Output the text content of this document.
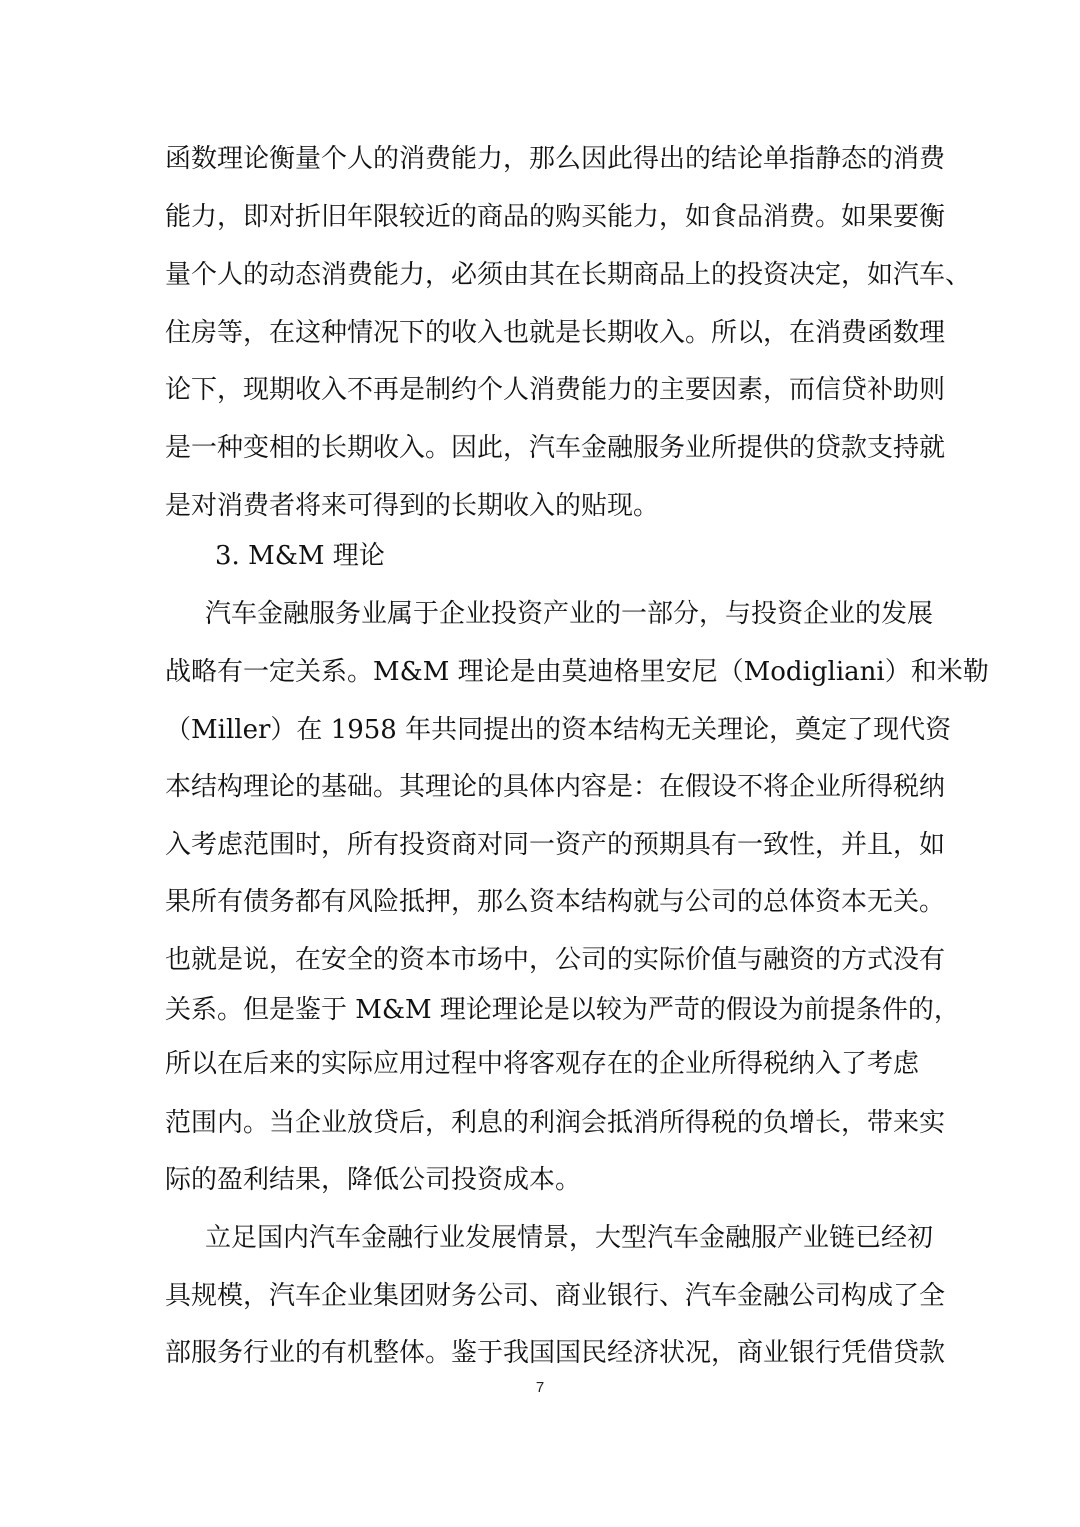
函数理论衡量个人的消费能力，那么因此得出的结论单指静态的消费
能力，即对折旧年限较近的商品的购买能力，如食品消费。如果要衡
量个人的动态消费能力，必须由其在长期商品上的投资决定，如汽车、
住房等，在这种情况下的收入也就是长期收入。所以，在消费函数理
论下，现期收入不再是制约个人消费能力的主要因素，而信贷补助则
是一种变相的长期收入。因此，汽车金融服务业所提供的贷款支持就
是对消费者将来可得到的长期收入的贴现。
3. M&M 理论
汽车金融服务业属于企业投资产业的一部分，与投资企业的发展
战略有一定关系。M&M 理论是由莫迪格里安尼（Modigliani）和米勒
（Miller）在 1958 年共同提出的资本结构无关理论，奠定了现代资
本结构理论的基础。其理论的具体内容是：在假设不将企业所得税纳
入考虑范围时，所有投资商对同一资产的预期具有一致性，并且，如
果所有债务都有风险抵押，那么资本结构就与公司的总体资本无关。
也就是说，在安全的资本市场中，公司的实际价值与融资的方式没有
关系。但是鉴于 M&M 理论理论是以较为严苛的假设为前提条件的，
所以在后来的实际应用过程中将客观存在的企业所得税纳入了考虑
范围内。当企业放贷后，利息的利润会抵消所得税的负增长，带来实
际的盈利结果，降低公司投资成本。
立足国内汽车金融行业发展情景，大型汽车金融服产业链已经初
具规模，汽车企业集团财务公司、商业银行、汽车金融公司构成了全
部服务行业的有机整体。鉴于我国国民经济状况，商业银行凭借贷款
7
